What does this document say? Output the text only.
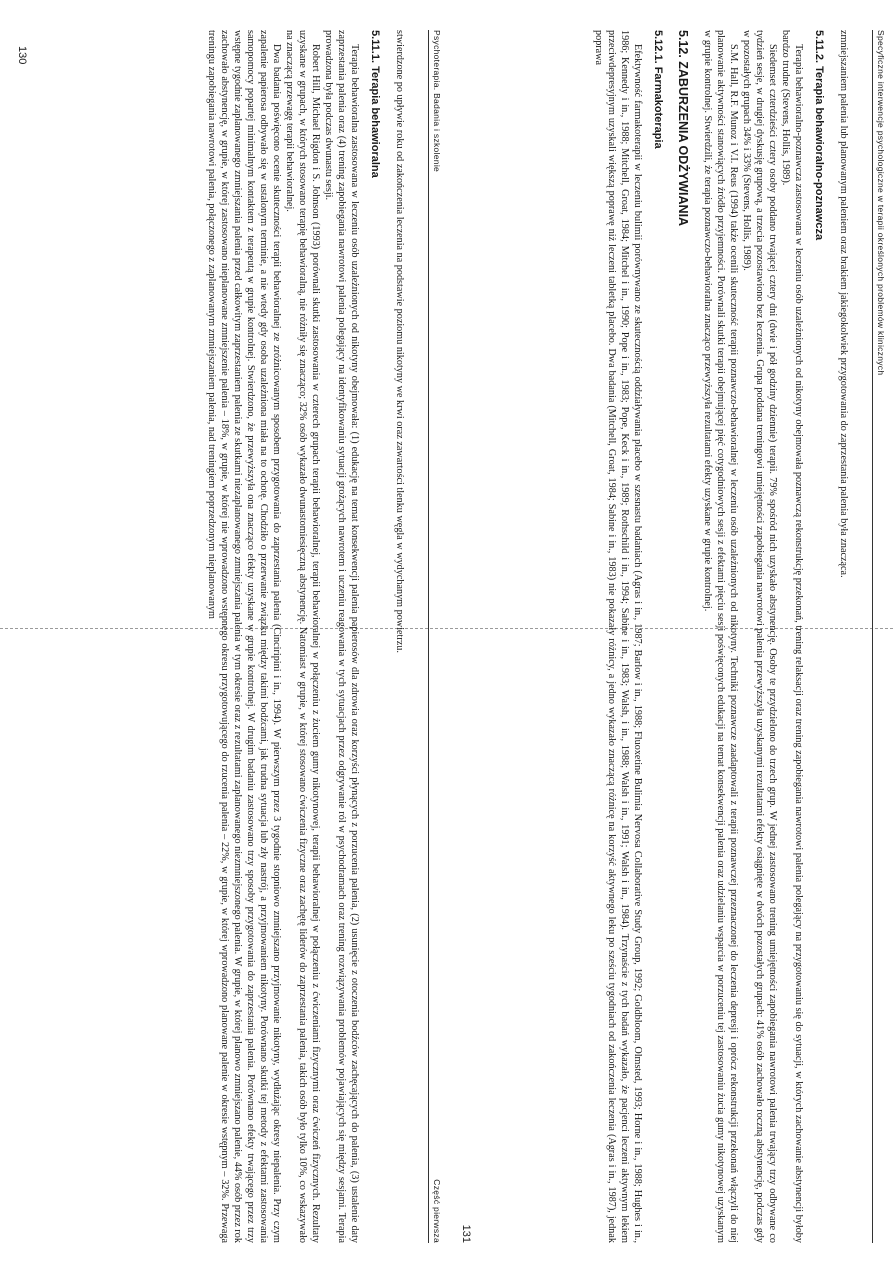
Psychoterapia. Badania i szkolenie
Część pierwsza

stwierdzone po upływie roku od zakończenia leczenia na podstawie poziomu nikotyny we krwi oraz zawartości tlenku węgla w wydychanym powietrzu.

5.11.1. Terapia behawioralna

Terapia behawioralna zastosowana w leczeniu osób uzależnionych od nikotyny obejmowała: (1) edukację na temat konsekwencji palenia papierosów dla zdrowia oraz korzyści płynących z porzucenia palenia, (2) usunięcie z otoczenia bodźców zachęcających do palenia, (3) ustalenie daty zaprzestania palenia oraz (4) trening zapobiegania nawrotowi palenia polegający na identyfikowaniu sytuacji grożących nawrotem i uczeniu reagowania w tych sytuacjach przez odgrywanie ról w psychodramach oraz trening rozwiązywania problemów pojawiających się między sesjami. Terapia prowadzona była podczas dwunastu sesji.

Robert Hill, Michael Rigdon i S. Johnson (1993) porównali skutki zastosowania w czterech grupach terapii behawioralnej, terapii behawioralnej w połączeniu z żuciem gumy nikotynowej, terapii behawioralnej w połączeniu z ćwiczeniami fizycznymi oraz ćwiczeń fizycznych. Rezultaty uzyskane w grupach, w których stosowano terapię behawioralną, nie różniły się znacząco; 32% osób wykazało dwunastomiesięczną abstynencję. Natomiast w grupie, w której stosowano ćwiczenia fizyczne oraz zachętę liderów do zaprzestania palenia, takich osób było tylko 10%, co wskazywało na znaczącą przewagę terapii behawioralnej.

Dwa badania poświęcono ocenie skuteczności terapii behawioralnej ze zróżnicowanym sposobem przygotowania do zaprzestania palenia (Cinciripini i in., 1994). W pierwszym przez 3 tygodnie stopniowo zmniejszano przyjmowanie nikotyny, wydłużając okresy niepalenia. Przy czym zapalenie papierosa odbywało się w ustalonym terminie, a nie wtedy gdy osoba uzależniona miała na to ochotę. Chodziło o przerwanie związku między takimi bodźcami, jak trudna sytuacja lub zły nastrój, a przyjmowaniem nikotyny. Porównano skutki tej metody z efektami zastosowania samopomocy popartej minimalnym kontaktem z terapeutą w grupie kontrolnej. Stwierdzono, że przewyższyła ona znacząco efekty uzyskane w grupie kontrolnej. W drugim badaniu zastosowano trzy sposoby przygotowania do zaprzestania palenia. Porównano efekty trwającego przez trzy wstępne tygodnie zaplanowanego zmniejszania palenia przed całkowitym zaprzestaniem palenia ze skutkami niezaplanowanego zmniejszania palenia w tym okresie oraz z rezultatami zaplanowanego niezmniejszonego palenia. W grupie, w której planowo zmniejszano palenie, 44% osób przez rok zachowało abstynencję, w grupie, w której zastosowano nieplanowane zmniejszenie palenia – 18%, w grupie, w której nie wprowadzono wstępnego okresu przygotowującego do rzucenia palenia – 22%, w grupie, w której wprowadzono planowane palenie w okresie wstępnym – 32%. Przewaga treningu zapobiegania nawrotowi palenia, połączonego z zaplanowanym zmniejszaniem palenia, nad treningiem poprzedzonym nieplanowanym

130	Specyficzne interwencje psychologiczne w terapii określonych problemów klinicznych

zmniejszaniem palenia lub planowanym paleniem oraz brakiem jakiegokolwiek przygotowania do zaprzestania palenia była znacząca.

5.11.2. Terapia behawioralno-poznawcza

Terapia behawioralno-poznawcza zastosowana w leczeniu osób uzależnionych od nikotyny obejmowała poznawczą rekonstrukcję przekonań, trening relaksacji oraz trening zapobiegania nawrotowi palenia polegający na przygotowaniu się do sytuacji, w których zachowanie abstynencji byłoby bardzo trudne (Stevens, Hollis, 1989).

Siedemset czterdzieści cztery osoby poddano trwającej cztery dni (dwie i pół godziny dziennie) terapii. 79% spośród nich uzyskało abstynencję. Osoby te przydzielono do trzech grup. W jednej zastosowano trening umiejętności zapobiegania nawrotowi palenia trwający trzy odbywane co tydzień sesje, w drugiej dyskusję grupową, a trzecia pozostawiono bez leczenia. Grupa poddana treningowi umiejętności zapobiegania nawrotowi palenia przewyższyła uzyskanymi rezultatami efekty osiągnięte w dwóch pozostałych grupach: 41% osób zachowało roczną abstynencję, podczas gdy w pozostałych grupach 34% i 33% (Stevens, Hollis, 1989).

S.M. Hall, R.F. Munoz i V.I. Reus (1994) także ocenili skuteczność terapii poznawczo-behawioralnej w leczeniu osób uzależnionych od nikotyny. Techniki poznawcze zaadaptowali z terapii poznawczej przeznaczonej do leczenia depresji i oprócz rekonstrukcji przekonań włączyli do niej planowanie aktywności stanowiących źródło przyjemności. Porównali skutki terapii obejmującej pięć cotygodniowych sesji z efektami pięciu sesji poświęconych edukacji na temat konsekwencji palenia oraz udzielaniu wsparcia w porzuceniu tej zastosowaniu żucia gumy nikotynowej uzyskanym w grupie kontrolnej. Stwierdzili, że terapia poznawczo-behawioralna znacząco przewyższyła rezultatami efekty uzyskane w grupie kontrolnej.

5.12. ZABURZENIA ODŻYWIANIA
5.12.1. Farmakoterapia

Efektywność farmakoterapii w leczeniu bulimii porównywano ze skutecznością oddziaływania placebo w szesnastu badaniach (Agras i in., 1987; Barlow i in., 1988; Fluoxetine Bulimia Nervosa Collaborative Study Group, 1992; Goldbloom, Olmsted, 1993; Horne i in., 1988; Hughes i in., 1986; Kennedy i in., 1988; Mitchell, Groat, 1984; Mitchel i in., 1990; Pope i in., 1983; Pope, Keck i in., 1989; Rothschild i in., 1994; Sabine i in., 1983; Walsh, i in., 1988; Walsh i in., 1991; Walsh i in., 1984). Trzynaście z tych badań wykazało, że pacjenci leczeni aktywnym lekiem przeciwdepresyjnym uzyskali większą poprawę niż leczeni tabletką placebo. Dwa badania (Mitchell, Groat, 1984; Sabine i in., 1983) nie pokazały różnicy, a jedno wykazało znaczącą różnicę na korzyść aktywnego leku po sześciu tygodniach od zakończenia leczenia (Agras i in., 1987), jednak poprawa

131
